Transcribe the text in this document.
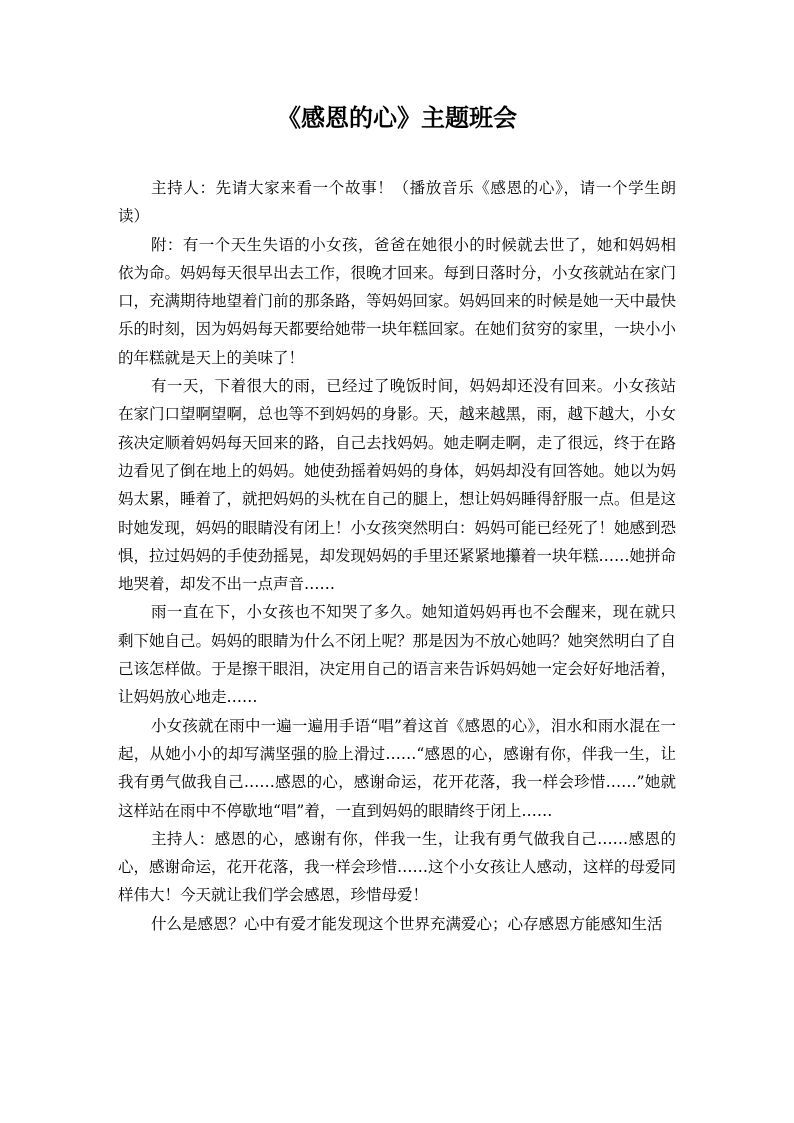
《感恩的心》主题班会

主持人：先请大家来看一个故事！（播放音乐《感恩的心》，请一个学生朗读）

附：有一个天生失语的小女孩，爸爸在她很小的时候就去世了，她和妈妈相依为命。妈妈每天很早出去工作，很晚才回来。每到日落时分，小女孩就站在家门口，充满期待地望着门前的那条路，等妈妈回家。妈妈回来的时候是她一天中最快乐的时刻，因为妈妈每天都要给她带一块年糕回家。在她们贫穷的家里，一块小小的年糕就是天上的美味了！

有一天，下着很大的雨，已经过了晚饭时间，妈妈却还没有回来。小女孩站在家门口望啊望啊，总也等不到妈妈的身影。天，越来越黑，雨，越下越大，小女孩决定顺着妈妈每天回来的路，自己去找妈妈。她走啊走啊，走了很远，终于在路边看见了倒在地上的妈妈。她使劲摇着妈妈的身体，妈妈却没有回答她。她以为妈妈太累，睡着了，就把妈妈的头枕在自己的腿上，想让妈妈睡得舒服一点。但是这时她发现，妈妈的眼睛没有闭上！小女孩突然明白：妈妈可能已经死了！她感到恐惧，拉过妈妈的手使劲摇晃，却发现妈妈的手里还紧紧地攥着一块年糕……她拼命地哭着，却发不出一点声音……

雨一直在下，小女孩也不知哭了多久。她知道妈妈再也不会醒来，现在就只剩下她自己。妈妈的眼睛为什么不闭上呢？那是因为不放心她吗？她突然明白了自己该怎样做。于是擦干眼泪，决定用自己的语言来告诉妈妈她一定会好好地活着，让妈妈放心地走……

小女孩就在雨中一遍一遍用手语“唱”着这首《感恩的心》，泪水和雨水混在一起，从她小小的却写满坚强的脸上滑过……“感恩的心，感谢有你，伴我一生，让我有勇气做我自己……感恩的心，感谢命运，花开花落，我一样会珍惜……”她就这样站在雨中不停歇地“唱”着，一直到妈妈的眼睛终于闭上……

主持人：感恩的心，感谢有你，伴我一生，让我有勇气做我自己……感恩的心，感谢命运，花开花落，我一样会珍惜……这个小女孩让人感动，这样的母爱同样伟大！今天就让我们学会感恩，珍惜母爱！

什么是感恩？心中有爱才能发现这个世界充满爱心；心存感恩方能感知生活
